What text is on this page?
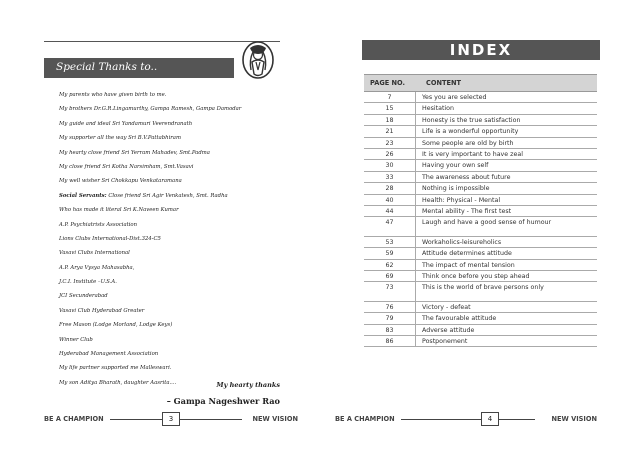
Special Thanks to..
My parents who have given birth to me.
My brothers Dr.G.R.Lingamurthy, Gampa Ramesh, Gampa Damodar
My guide and ideal Sri Yandamuri Veerendranath
My supporter all the way Sri B.V.Pattabhiram
My hearty close friend Sri Yerram Mahadev, Smt.Padma
My close friend Sri Kotha Narsimham, Smt.Vasavi
My well wisher Sri Chokkapu Venkataramana
Social Servants: Close friend Sri Agir Venkatesh, Smt. Radha
Who has made it literal Sri K.Naveen Kumar
A.P. Psychiatrists Association
Lions Clubs International-Dist.324-C5
Vasavi Clubs International
A.P. Arya Vysya Mahasabha,
J.C.I. Institute –U.S.A.
JCI Secunderabad
Vasavi Club Hyderabad Greater
Free Mason (Lodge Morland, Lodge Keys)
Winner Club
Hyderabad Management Association
My life partner supported me Malleswari.
My son Aditya Bharath, daughter Aasrita....	My hearty thanks
– Gampa Nageshwer Rao
BE A CHAMPION	3	NEW VISION
INDEX
PAGE NO.	CONTENT
7	Yes you are selected
15	Hesitation
18	Honesty is the true satisfaction
21	Life is a wonderful opportunity
23	Some people are old by birth
26	It is very important to have zeal
30	Having your own self
33	The awareness about future
28	Nothing is impossible
40	Health: Physical - Mental
44	Mental ability - The first test
47	Laugh and have a good sense of humour
53	Workaholics-leisureholics
59	Attitude determines attitude
62	The impact of mental tension
69	Think once before you step ahead
73	This is the world of brave persons only
76	Victory - defeat
79	The favourable attitude
83	Adverse attitude
86	Postponement
BE A CHAMPION	4	NEW VISION
